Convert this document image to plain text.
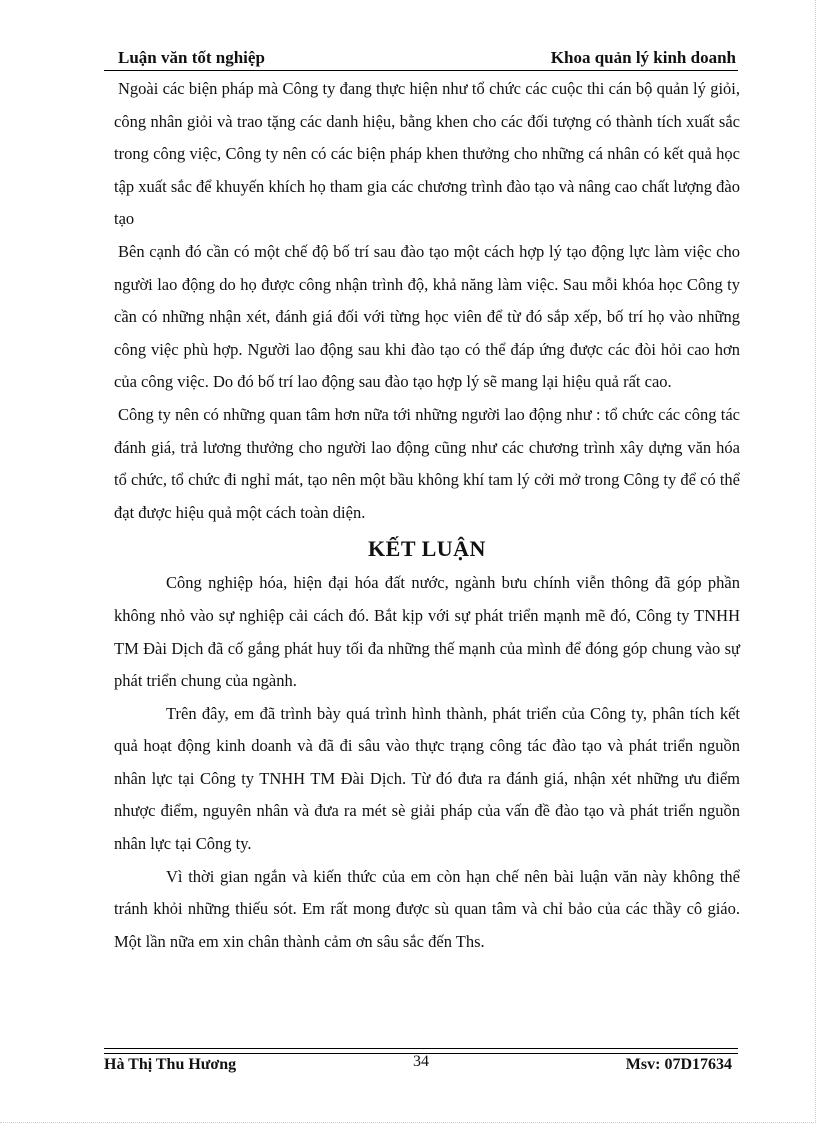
Luận văn tốt nghiệp	Khoa quản lý kinh doanh

Ngoài các biện pháp mà Công ty đang thực hiện như tổ chức các cuộc thi cán bộ quản lý giỏi, công nhân giỏi và trao tặng các danh hiệu, bằng khen cho các đối tượng có thành tích xuất sắc trong công việc, Công ty nên có các biện pháp khen thưởng cho những cá nhân có kết quả học tập xuất sắc để khuyến khích họ tham gia các chương trình đào tạo và nâng cao chất lượng đào tạo

Bên cạnh đó cần có một chế độ bố trí sau đào tạo một cách hợp lý tạo động lực làm việc cho người lao động do họ được công nhận trình độ, khả năng làm việc. Sau mỗi khóa học Công ty cần có những nhận xét, đánh giá đối với từng học viên để từ đó sắp xếp, bố trí họ vào những công việc phù hợp. Người lao động sau khi đào tạo có thể đáp ứng được các đòi hỏi cao hơn của công việc. Do đó bố trí lao động sau đào tạo hợp lý sẽ mang lại hiệu quả rất cao.

Công ty nên có những quan tâm hơn nữa tới những người lao động như : tổ chức các công tác đánh giá, trả lương thưởng cho người lao động cũng như các chương trình xây dựng văn hóa tổ chức, tổ chức đi nghỉ mát, tạo nên một bầu không khí tam lý cởi mở trong Công ty để có thể đạt được hiệu quả một cách toàn diện.

KẾT LUẬN

Công nghiệp hóa, hiện đại hóa đất nước, ngành bưu chính viễn thông đã góp phần không nhỏ vào sự nghiệp cải cách đó. Bắt kịp với sự phát triển mạnh mẽ đó, Công ty TNHH TM Đài Dịch đã cố gắng phát huy tối đa những thế mạnh của mình để đóng góp chung vào sự phát triển chung của ngành.

Trên đây, em đã trình bày quá trình hình thành, phát triển của Công ty, phân tích kết quả hoạt động kinh doanh và đã đi sâu vào thực trạng công tác đào tạo và phát triển nguồn nhân lực tại Công ty TNHH TM Đài Dịch. Từ đó đưa ra đánh giá, nhận xét những ưu điểm nhược điểm, nguyên nhân và đưa ra mét sè giải pháp của vấn đề đào tạo và phát triển nguồn nhân lực tại Công ty.

Vì thời gian ngắn và kiến thức của em còn hạn chế nên bài luận văn này không thể tránh khỏi những thiếu sót. Em rất mong được sù quan tâm và chỉ bảo của các thầy cô giáo. Một lần nữa em xin chân thành cảm ơn sâu sắc đến Ths.

Hà Thị Thu Hương	34	Msv: 07D17634
